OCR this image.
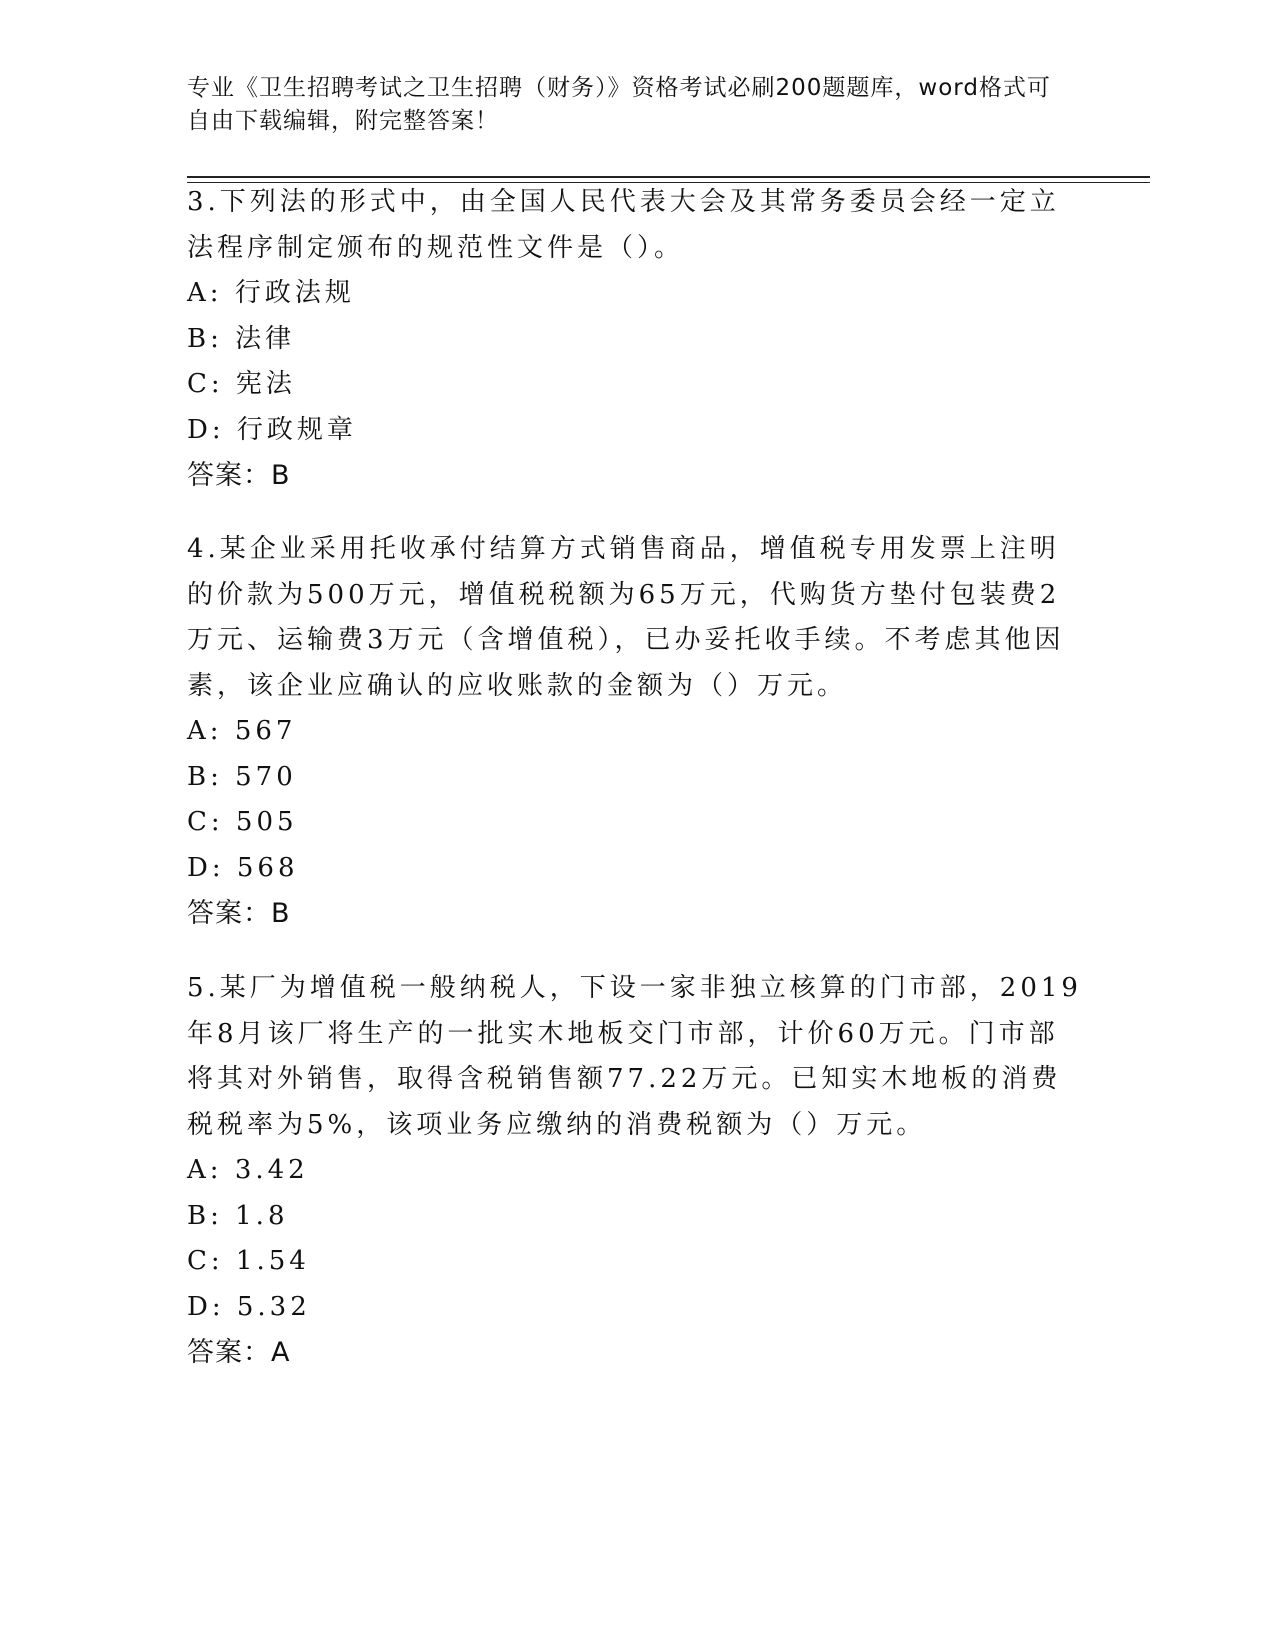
专业《卫生招聘考试之卫生招聘（财务）》资格考试必刷200题题库，word格式可自由下载编辑，附完整答案！

3.下列法的形式中，由全国人民代表大会及其常务委员会经一定立法程序制定颁布的规范性文件是（）。

A: 行政法规
B: 法律
C: 宪法
D: 行政规章
答案：B

4.某企业采用托收承付结算方式销售商品，增值税专用发票上注明的价款为500万元，增值税税额为65万元，代购货方垫付包装费2万元、运输费3万元（含增值税），已办妥托收手续。不考虑其他因素，该企业应确认的应收账款的金额为（）万元。

A: 567
B: 570
C: 505
D: 568
答案：B

5.某厂为增值税一般纳税人，下设一家非独立核算的门市部，2019年8月该厂将生产的一批实木地板交门市部，计价60万元。门市部将其对外销售，取得含税销售额77.22万元。已知实木地板的消费税税率为5%，该项业务应缴纳的消费税额为（）万元。

A: 3.42
B: 1.8
C: 1.54
D: 5.32
答案：A
